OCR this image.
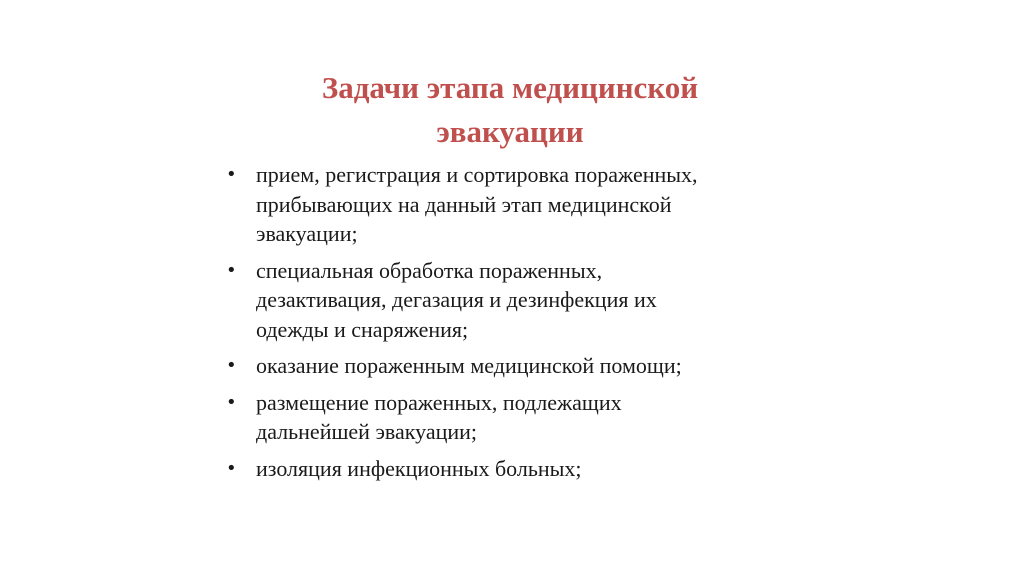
Задачи этапа медицинской
эвакуации
• прием, регистрация и сортировка пораженных,
прибывающих на данный этап медицинской
эвакуации;
• специальная обработка пораженных,
дезактивация, дегазация и дезинфекция их
одежды и снаряжения;
• оказание пораженным медицинской помощи;
• размещение пораженных, подлежащих
дальнейшей эвакуации;
• изоляция инфекционных больных;
